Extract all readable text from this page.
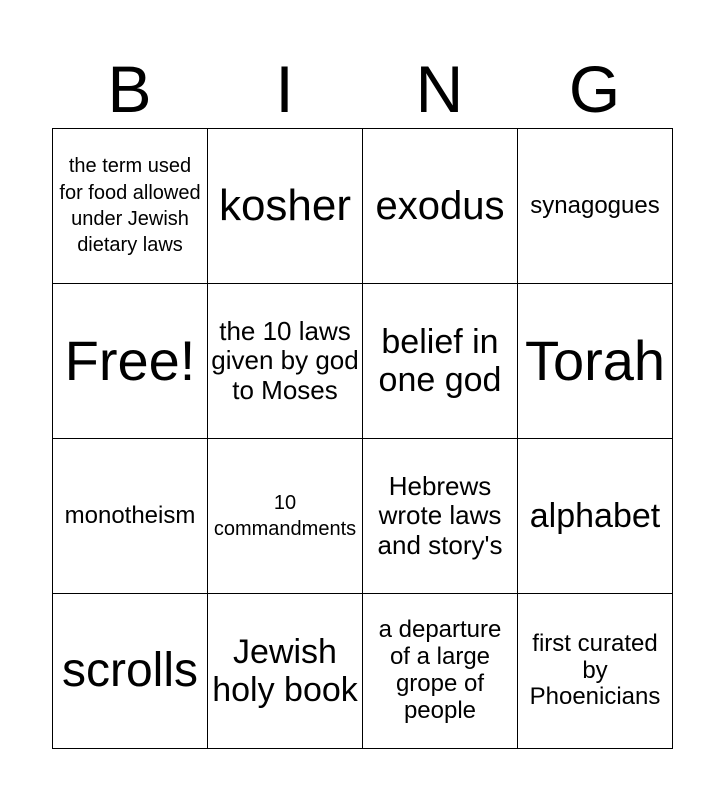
B	I	N	G
the term used for food allowed under Jewish dietary laws	kosher	exodus	synagogues
Free!	the 10 laws given by god to Moses	belief in one god	Torah
monotheism	10 commandments	Hebrews wrote laws and story's	alphabet
scrolls	Jewish holy book	a departure of a large grope of people	first curated by Phoenicians
